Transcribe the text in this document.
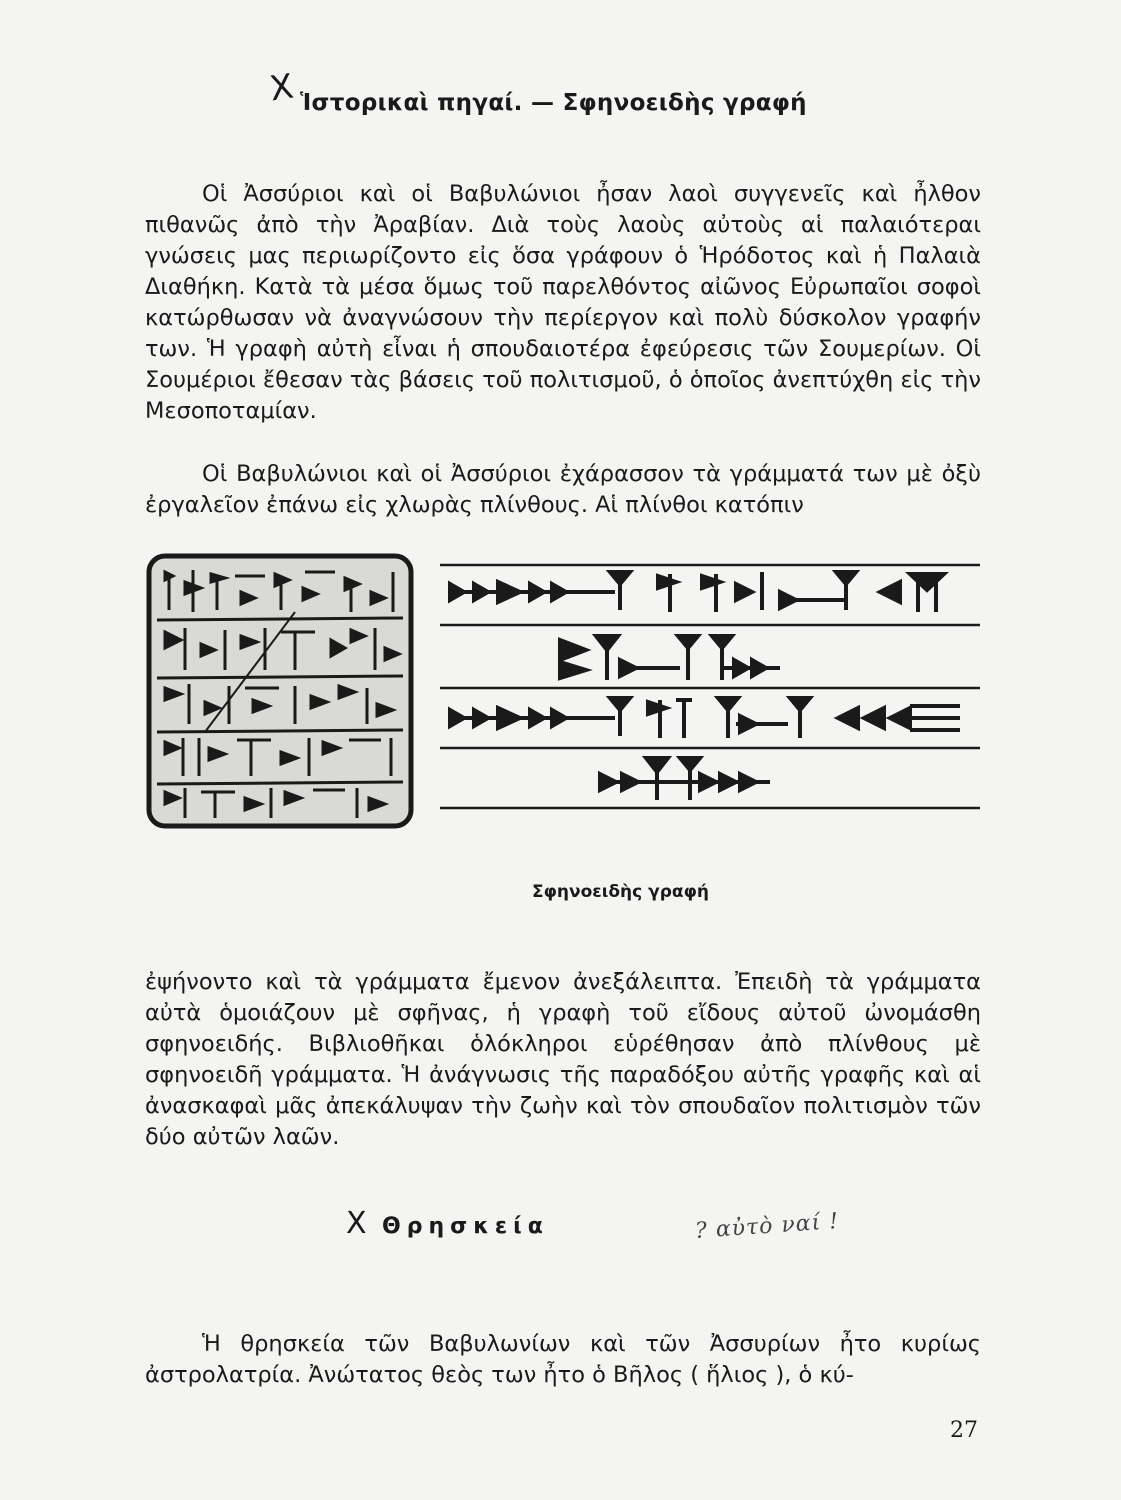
X Ἱστορικαὶ πηγαί. — Σφηνοειδὴς γραφή

Οἱ Ἀσσύριοι καὶ οἱ Βαβυλώνιοι ἦσαν λαοὶ συγγενεῖς καὶ ἦλθον πιθανῶς ἀπὸ τὴν Ἀραβίαν. Διὰ τοὺς λαοὺς αὐτοὺς αἱ παλαιότεραι γνώσεις μας περιωρίζοντο εἰς ὅσα γράφουν ὁ Ἡρόδοτος καὶ ἡ Παλαιὰ Διαθήκη. Κατὰ τὰ μέσα ὅμως τοῦ παρελθόντος αἰῶνος Εὐρωπαῖοι σοφοὶ κατώρθωσαν νὰ ἀναγνώσουν τὴν περίεργον καὶ πολὺ δύσκολον γραφήν των. Ἡ γραφὴ αὐτὴ εἶναι ἡ σπουδαιοτέρα ἐφεύρεσις τῶν Σουμερίων. Οἱ Σουμέριοι ἔθεσαν τὰς βάσεις τοῦ πολιτισμοῦ, ὁ ὁποῖος ἀνεπτύχθη εἰς τὴν Μεσοποταμίαν.

Οἱ Βαβυλώνιοι καὶ οἱ Ἀσσύριοι ἐχάρασσον τὰ γράμματά των μὲ ὀξὺ ἐργαλεῖον ἐπάνω εἰς χλωρὰς πλίνθους. Αἱ πλίνθοι κατόπιν

Σφηνοειδὴς γραφή

ἐψήνοντο καὶ τὰ γράμματα ἔμενον ἀνεξάλειπτα. Ἐπειδὴ τὰ γράμματα αὐτὰ ὁμοιάζουν μὲ σφῆνας, ἡ γραφὴ τοῦ εἴδους αὐτοῦ ὠνομάσθη σφηνοειδής. Βιβλιοθῆκαι ὁλόκληροι εὑρέθησαν ἀπὸ πλίνθους μὲ σφηνοειδῆ γράμματα. Ἡ ἀνάγνωσις τῆς παραδόξου αὐτῆς γραφῆς καὶ αἱ ἀνασκαφαὶ μᾶς ἀπεκάλυψαν τὴν ζωὴν καὶ τὸν σπουδαῖον πολιτισμὸν τῶν δύο αὐτῶν λαῶν.

X Θρησκεία	? αὐτὸ ναί !

Ἡ θρησκεία τῶν Βαβυλωνίων καὶ τῶν Ἀσσυρίων ἦτο κυρίως ἀστρολατρία. Ἀνώτατος θεὸς των ἦτο ὁ Βῆλος ( ἥλιος ), ὁ κύ-

27
